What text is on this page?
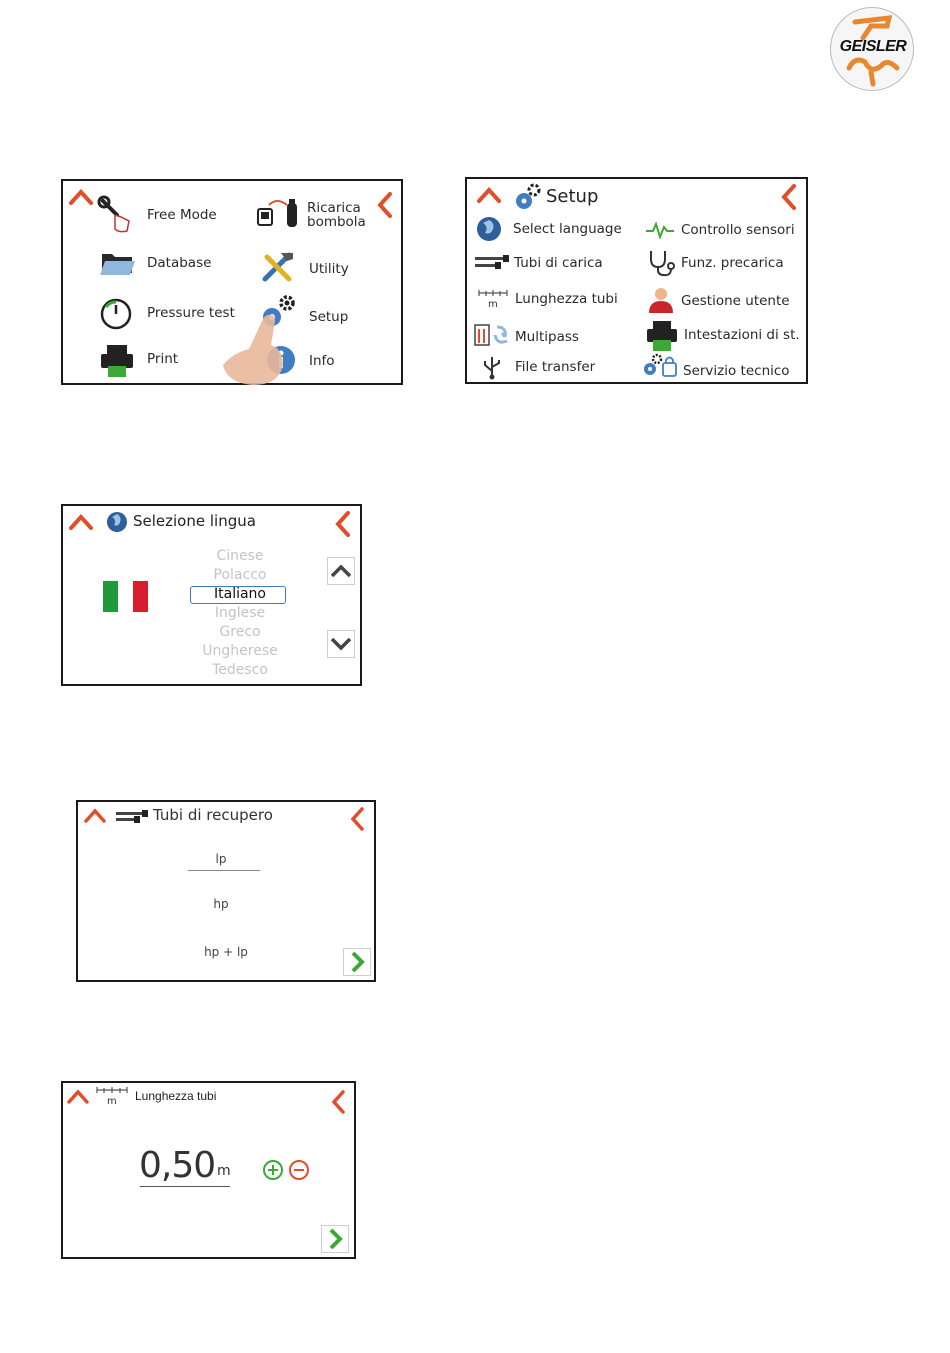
GEISLER
Free Mode
Database
Pressure test
Print
Ricarica
bombola
Utility
Setup
Info
Setup
Select language
Tubi di carica
m Lunghezza tubi
Multipass
File transfer
Controllo sensori
Funz. precarica
Gestione utente
Intestazioni di st.
Servizio tecnico
Selezione lingua
Cinese
Polacco
Italiano
Inglese
Greco
Ungherese
Tedesco
Tubi di recupero
lp
hp
hp + lp
m Lunghezza tubi
0,50 m
